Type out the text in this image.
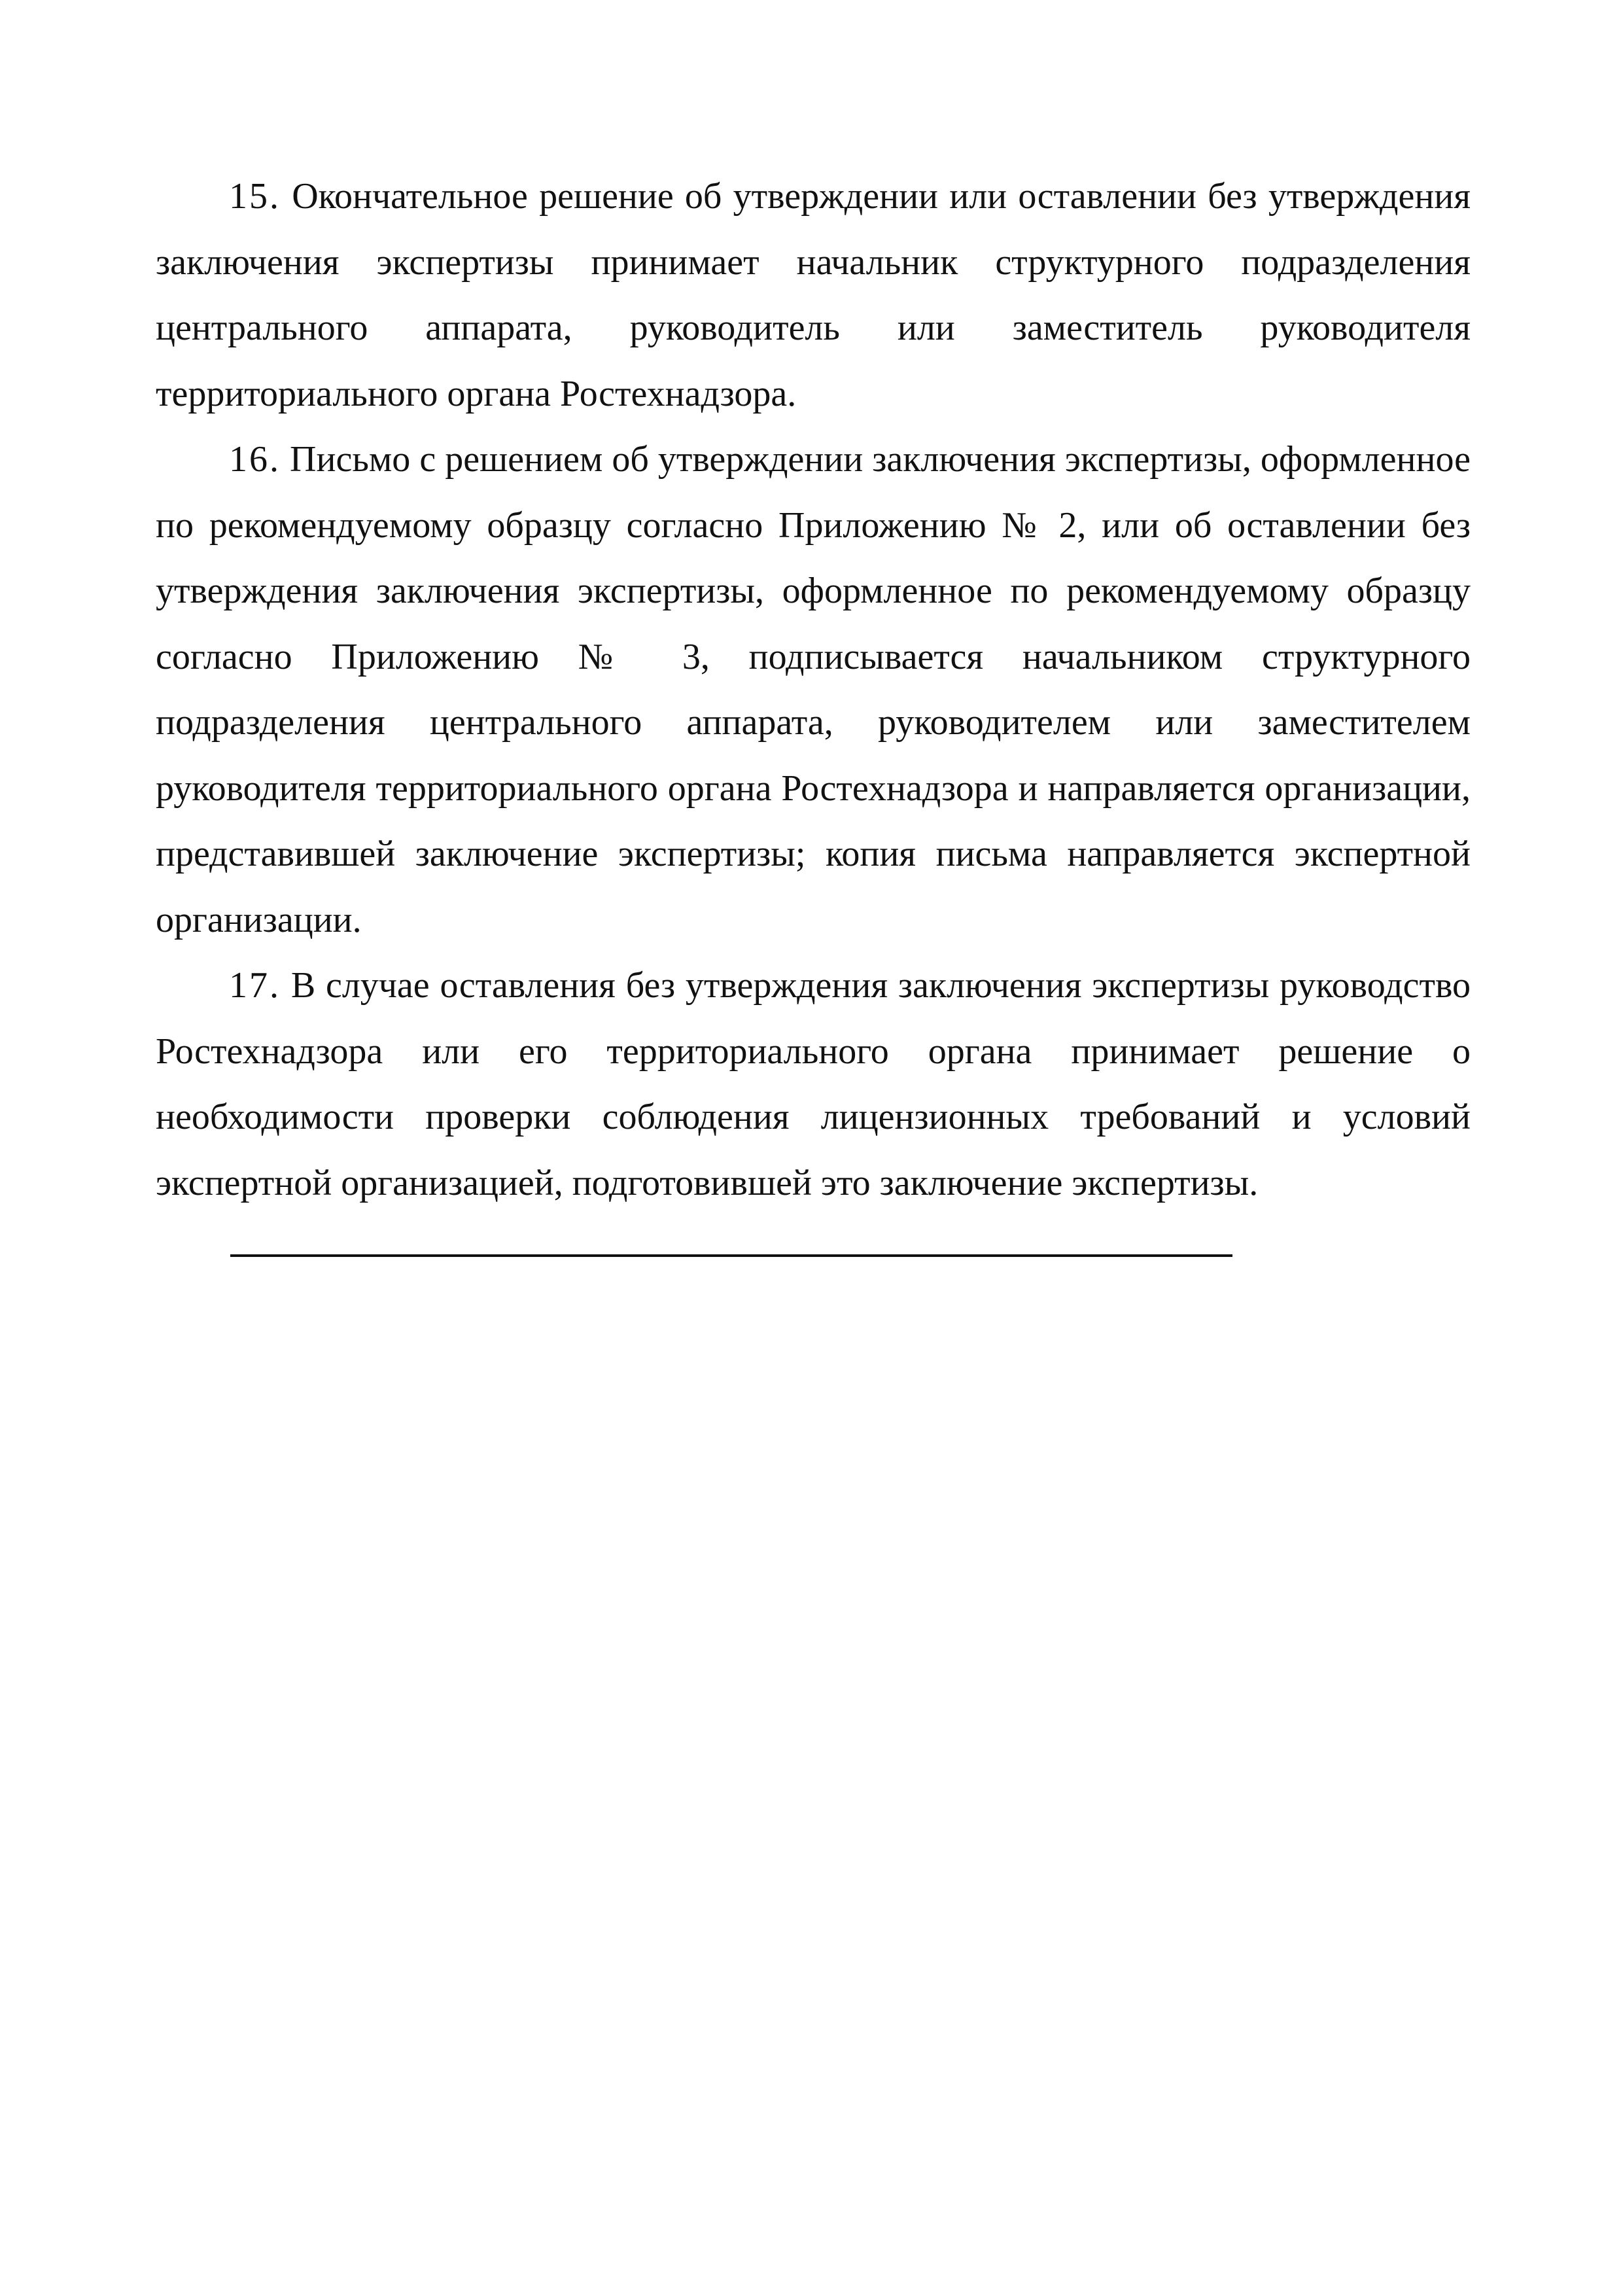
15. Окончательное решение об утверждении или оставлении без утверждения заключения экспертизы принимает начальник структурного подразделения центрального аппарата, руководитель или заместитель руководителя территориального органа Ростехнадзора.

16. Письмо с решением об утверждении заключения экспертизы, оформленное по рекомендуемому образцу согласно Приложению № 2, или об оставлении без утверждения заключения экспертизы, оформленное по рекомендуемому образцу согласно Приложению № 3, подписывается начальником структурного подразделения центрального аппарата, руководителем или заместителем руководителя территориального органа Ростехнадзора и направляется организации, представившей заключение экспертизы; копия письма направляется экспертной организации.

17. В случае оставления без утверждения заключения экспертизы руководство Ростехнадзора или его территориального органа принимает решение о необходимости проверки соблюдения лицензионных требований и условий экспертной организацией, подготовившей это заключение экспертизы.
